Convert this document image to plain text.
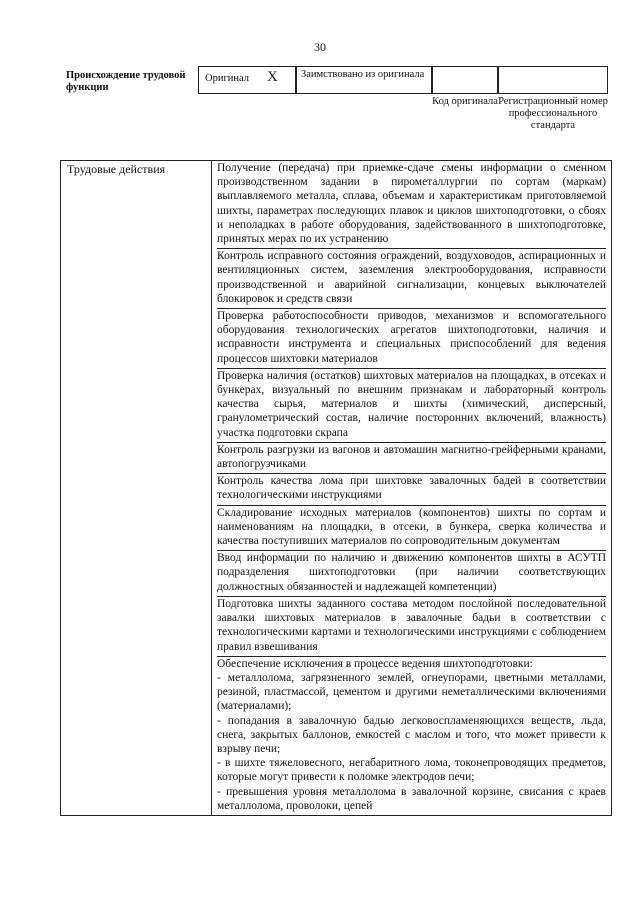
30
Происхождение трудовой функции
Оригинал X	Заимствовано из оригинала
Код оригинала Регистрационный номер профессионального стандарта
Трудовые действия	Получение (передача) при приемке-сдаче смены информации о сменном производственном задании в пирометаллургии по сортам (маркам) выплавляемого металла, сплава, объемам и характеристикам приготовляемой шихты, параметрах последующих плавок и циклов шихтоподготовки, о сбоях и неполадках в работе оборудования, задействованного в шихтоподготовке, принятых мерах по их устранению
Контроль исправного состояния ограждений, воздуховодов, аспирационных и вентиляционных систем, заземления электрооборудования, исправности производственной и аварийной сигнализации, концевых выключателей блокировок и средств связи
Проверка работоспособности приводов, механизмов и вспомогательного оборудования технологических агрегатов шихтоподготовки, наличия и исправности инструмента и специальных приспособлений для ведения процессов шихтовки материалов
Проверка наличия (остатков) шихтовых материалов на площадках, в отсеках и бункерах, визуальный по внешним признакам и лабораторный контроль качества сырья, материалов и шихты (химический, дисперсный, гранулометрический состав, наличие посторонних включений, влажность) участка подготовки скрапа
Контроль разгрузки из вагонов и автомашин магнитно-грейферными кранами, автопогрузчиками
Контроль качества лома при шихтовке завалочных бадей в соответствии технологическими инструкциями
Складирование исходных материалов (компонентов) шихты по сортам и наименованиям на площадки, в отсеки, в бункера, сверка количества и качества поступивших материалов по сопроводительным документам
Ввод информации по наличию и движению компонентов шихты в АСУТП подразделения шихтоподготовки (при наличии соответствующих должностных обязанностей и надлежащей компетенции)
Подготовка шихты заданного состава методом послойной последовательной завалки шихтовых материалов в завалочные бадьи в соответствии с технологическими картами и технологическими инструкциями с соблюдением правил взвешивания
Обеспечение исключения в процессе ведения шихтоподготовки:
- металлолома, загрязненного землей, огнеупорами, цветными металлами, резиной, пластмассой, цементом и другими неметаллическими включениями (материалами);
- попадания в завалочную бадью легковоспламеняющихся веществ, льда, снега, закрытых баллонов, емкостей с маслом и того, что может привести к взрыву печи;
- в шихте тяжеловесного, негабаритного лома, токонепроводящих предметов, которые могут привести к поломке электродов печи;
- превышения уровня металлолома в завалочной корзине, свисания с краев металлолома, проволоки, цепей
